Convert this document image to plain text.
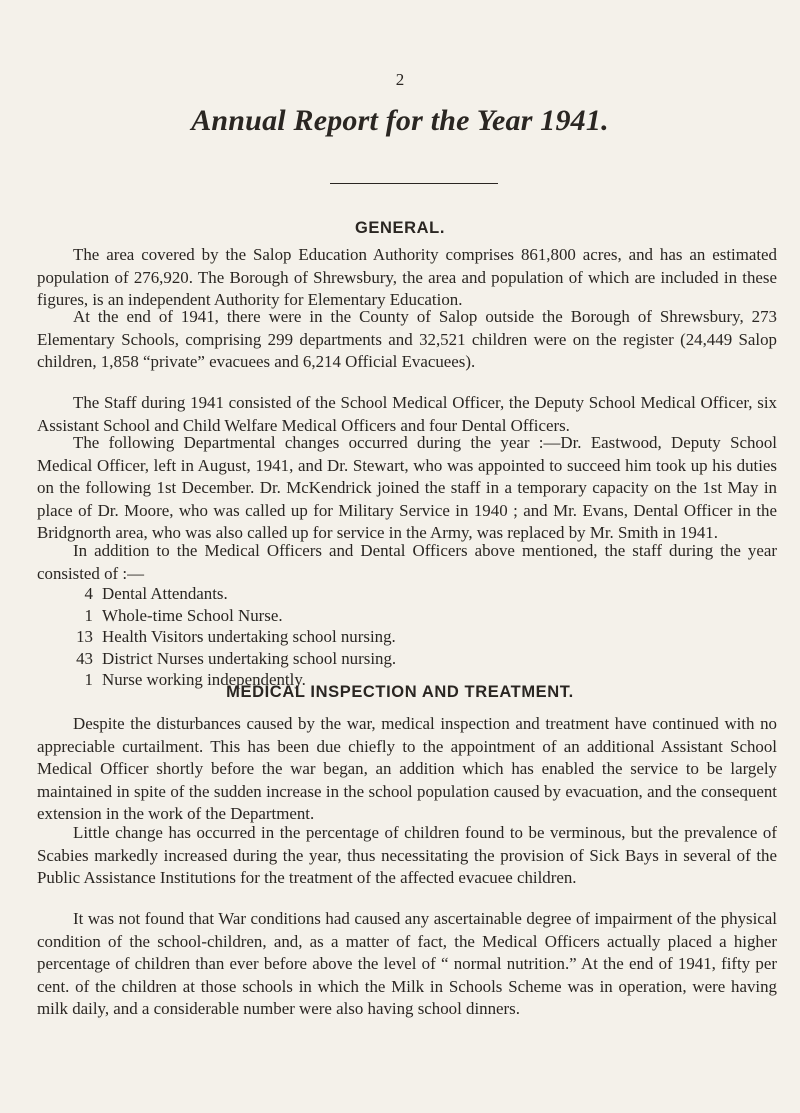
2
Annual Report for the Year 1941.
GENERAL.

The area covered by the Salop Education Authority comprises 861,800 acres, and has an estimated population of 276,920. The Borough of Shrewsbury, the area and population of which are included in these figures, is an independent Authority for Elementary Education.

At the end of 1941, there were in the County of Salop outside the Borough of Shrewsbury, 273 Elementary Schools, comprising 299 departments and 32,521 children were on the register (24,449 Salop children, 1,858 “private” evacuees and 6,214 Official Evacuees).

The Staff during 1941 consisted of the School Medical Officer, the Deputy School Medical Officer, six Assistant School and Child Welfare Medical Officers and four Dental Officers.

The following Departmental changes occurred during the year :—Dr. Eastwood, Deputy School Medical Officer, left in August, 1941, and Dr. Stewart, who was appointed to succeed him took up his duties on the following 1st December. Dr. McKendrick joined the staff in a temporary capacity on the 1st May in place of Dr. Moore, who was called up for Military Service in 1940 ; and Mr. Evans, Dental Officer in the Bridgnorth area, who was also called up for service in the Army, was replaced by Mr. Smith in 1941.

In addition to the Medical Officers and Dental Officers above mentioned, the staff during the year consisted of :—

4 Dental Attendants.
1 Whole-time School Nurse.
13 Health Visitors undertaking school nursing.
43 District Nurses undertaking school nursing.
1 Nurse working independently.
MEDICAL INSPECTION AND TREATMENT.

Despite the disturbances caused by the war, medical inspection and treatment have continued with no appreciable curtailment. This has been due chiefly to the appointment of an additional Assistant School Medical Officer shortly before the war began, an addition which has enabled the service to be largely maintained in spite of the sudden increase in the school population caused by evacuation, and the consequent extension in the work of the Department.

Little change has occurred in the percentage of children found to be verminous, but the prevalence of Scabies markedly increased during the year, thus necessitating the provision of Sick Bays in several of the Public Assistance Institutions for the treatment of the affected evacuee children.

It was not found that War conditions had caused any ascertainable degree of impairment of the physical condition of the school-children, and, as a matter of fact, the Medical Officers actually placed a higher percentage of children than ever before above the level of “ normal nutrition.” At the end of 1941, fifty per cent. of the children at those schools in which the Milk in Schools Scheme was in operation, were having milk daily, and a considerable number were also having school dinners.
